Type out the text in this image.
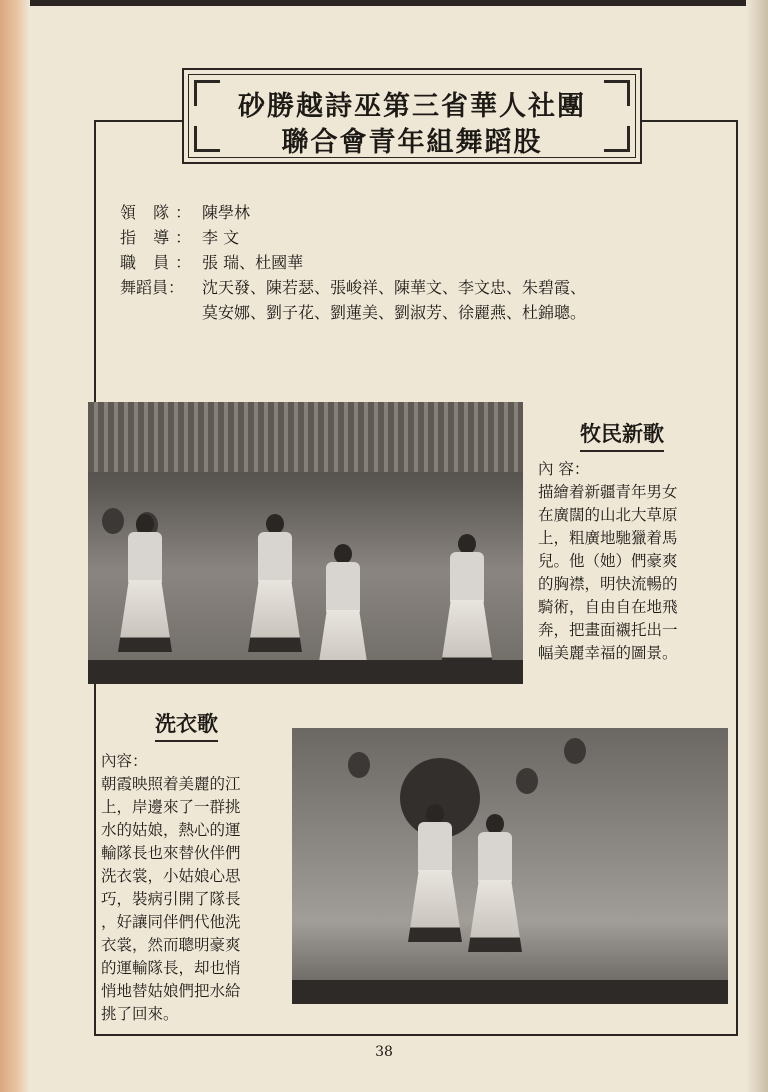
砂勝越詩巫第三省華人社團
聯合會青年組舞蹈股
領 隊： 陳學林
指 導： 李 文
職 員： 張 瑞、杜國華
舞蹈員：	沈天發、陳若瑟、張峻祥、陳華文、李文忠、朱碧霞、
莫安娜、劉子花、劉蓮美、劉淑芳、徐麗燕、杜錦聰。
牧民新歌
內 容：
描繪着新疆青年男女
在廣闊的山北大草原
上，粗廣地馳獵着馬
兒。他（她）們豪爽
的胸襟，明快流暢的
騎術，自由自在地飛
奔，把畫面襯托出一
幅美麗幸福的圖景。
洗衣歌
內容：
朝霞映照着美麗的江
上，岸邊來了一群挑
水的姑娘，熱心的運
輸隊長也來替伙伴們
洗衣裳，小姑娘心思
巧，裝病引開了隊長
，好讓同伴們代他洗
衣裳，然而聰明豪爽
的運輸隊長，却也悄
悄地替姑娘們把水給
挑了回來。
38
